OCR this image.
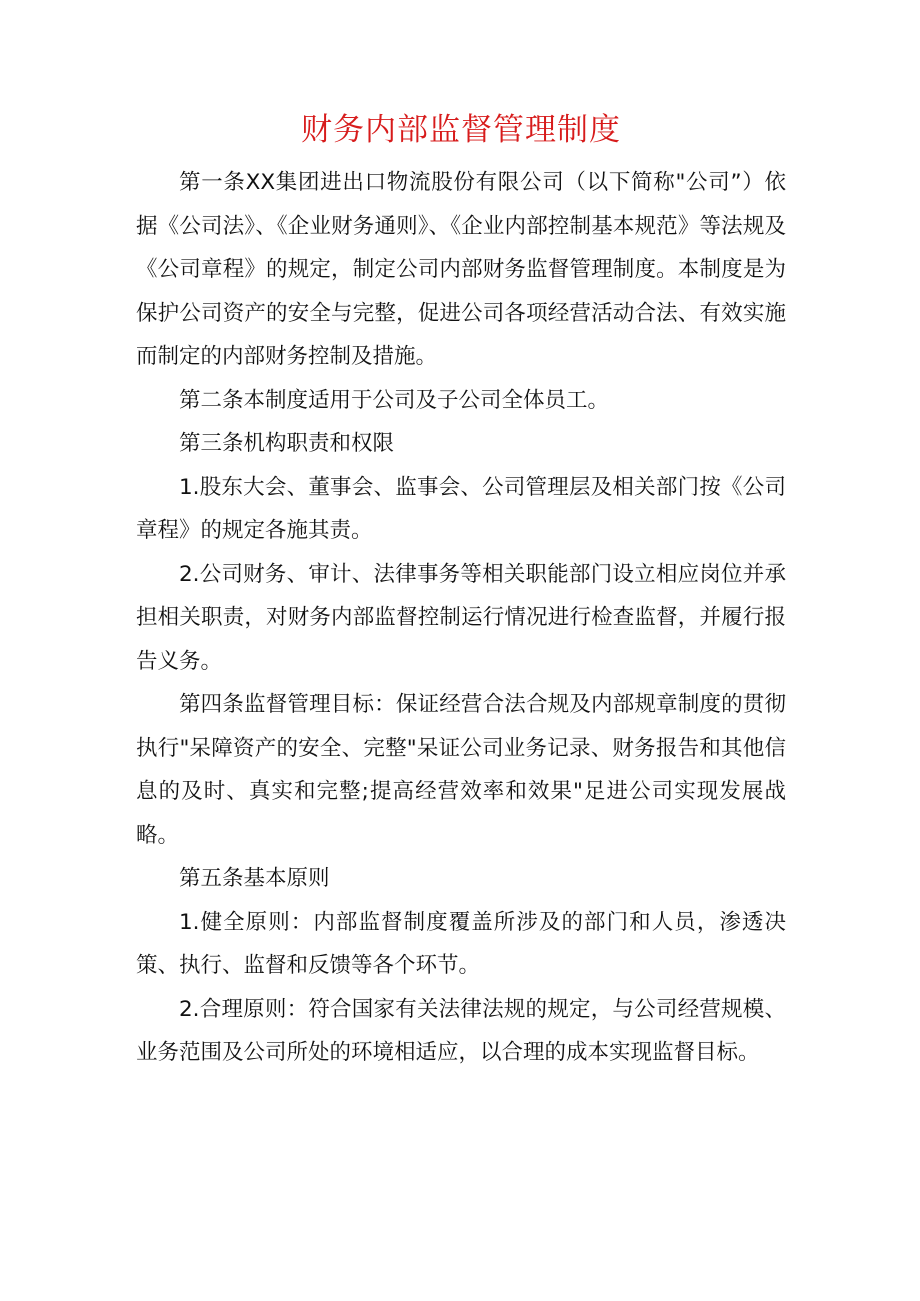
财务内部监督管理制度

第一条XX集团进出口物流股份有限公司（以下简称"公司”）依据《公司法》、《企业财务通则》、《企业内部控制基本规范》等法规及《公司章程》的规定，制定公司内部财务监督管理制度。本制度是为保护公司资产的安全与完整，促进公司各项经营活动合法、有效实施而制定的内部财务控制及措施。

第二条本制度适用于公司及子公司全体员工。

第三条机构职责和权限

1.股东大会、董事会、监事会、公司管理层及相关部门按《公司章程》的规定各施其责。

2.公司财务、审计、法律事务等相关职能部门设立相应岗位并承担相关职责，对财务内部监督控制运行情况进行检查监督，并履行报告义务。

第四条监督管理目标：保证经营合法合规及内部规章制度的贯彻执行"呆障资产的安全、完整"呆证公司业务记录、财务报告和其他信息的及时、真实和完整;提高经营效率和效果"足进公司实现发展战略。

第五条基本原则

1.健全原则：内部监督制度覆盖所涉及的部门和人员，渗透决策、执行、监督和反馈等各个环节。

2.合理原则：符合国家有关法律法规的规定，与公司经营规模、业务范围及公司所处的环境相适应，以合理的成本实现监督目标。
